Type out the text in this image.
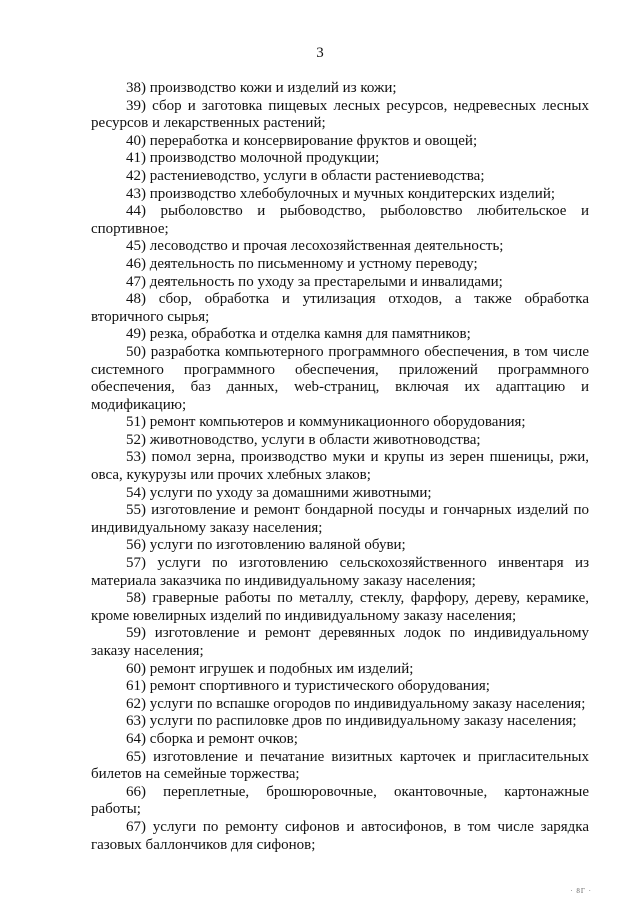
3

38) производство кожи и изделий из кожи;

39) сбор и заготовка пищевых лесных ресурсов, недревесных лесных ресурсов и лекарственных растений;

40) переработка и консервирование фруктов и овощей;

41) производство молочной продукции;

42) растениеводство, услуги в области растениеводства;

43) производство хлебобулочных и мучных кондитерских изделий;

44) рыболовство и рыбоводство, рыболовство любительское и спортивное;

45) лесоводство и прочая лесохозяйственная деятельность;

46) деятельность по письменному и устному переводу;

47) деятельность по уходу за престарелыми и инвалидами;

48) сбор, обработка и утилизация отходов, а также обработка вторичного сырья;

49) резка, обработка и отделка камня для памятников;

50) разработка компьютерного программного обеспечения, в том числе системного программного обеспечения, приложений программного обеспечения, баз данных, web-страниц, включая их адаптацию и модификацию;

51) ремонт компьютеров и коммуникационного оборудования;

52) животноводство, услуги в области животноводства;

53) помол зерна, производство муки и крупы из зерен пшеницы, ржи, овса, кукурузы или прочих хлебных злаков;

54) услуги по уходу за домашними животными;

55) изготовление и ремонт бондарной посуды и гончарных изделий по индивидуальному заказу населения;

56) услуги по изготовлению валяной обуви;

57) услуги по изготовлению сельскохозяйственного инвентаря из материала заказчика по индивидуальному заказу населения;

58) граверные работы по металлу, стеклу, фарфору, дереву, керамике, кроме ювелирных изделий по индивидуальному заказу населения;

59) изготовление и ремонт деревянных лодок по индивидуальному заказу населения;

60) ремонт игрушек и подобных им изделий;

61) ремонт спортивного и туристического оборудования;

62) услуги по вспашке огородов по индивидуальному заказу населения;

63) услуги по распиловке дров по индивидуальному заказу населения;

64) сборка и ремонт очков;

65) изготовление и печатание визитных карточек и пригласительных билетов на семейные торжества;

66) переплетные, брошюровочные, окантовочные, картонажные работы;

67) услуги по ремонту сифонов и автосифонов, в том числе зарядка газовых баллончиков для сифонов;

· 8Г ·
